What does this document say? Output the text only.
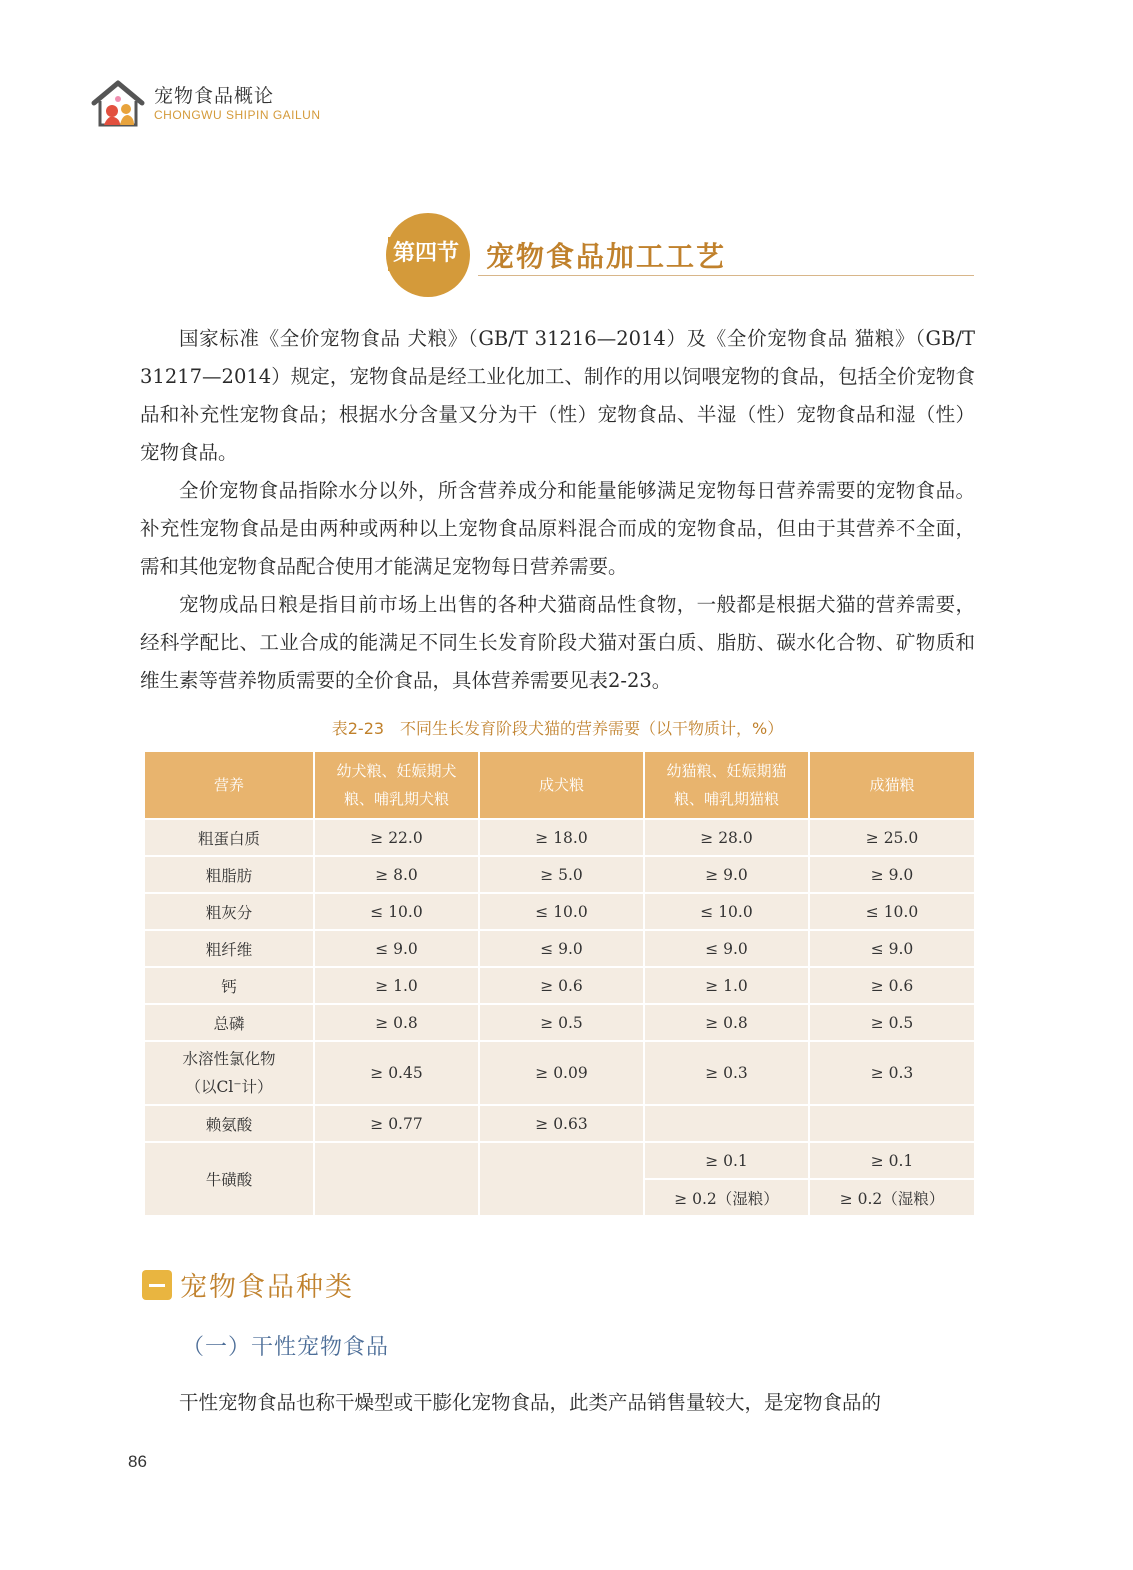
宠物食品概论
CHONGWU SHIPIN GAILUN
第四节 宠物食品加工工艺

国家标准《全价宠物食品 犬粮》（GB/T 31216—2014）及《全价宠物食品 猫粮》（GB/T 31217—2014）规定，宠物食品是经工业化加工、制作的用以饲喂宠物的食品，包括全价宠物食品和补充性宠物食品；根据水分含量又分为干（性）宠物食品、半湿（性）宠物食品和湿（性）宠物食品。

全价宠物食品指除水分以外，所含营养成分和能量能够满足宠物每日营养需要的宠物食品。补充性宠物食品是由两种或两种以上宠物食品原料混合而成的宠物食品，但由于其营养不全面，需和其他宠物食品配合使用才能满足宠物每日营养需要。

宠物成品日粮是指目前市场上出售的各种犬猫商品性食物，一般都是根据犬猫的营养需要，经科学配比、工业合成的能满足不同生长发育阶段犬猫对蛋白质、脂肪、碳水化合物、矿物质和维生素等营养物质需要的全价食品，具体营养需要见表2-23。

表2-23　不同生长发育阶段犬猫的营养需要（以干物质计，%）
营养	幼犬粮、妊娠期犬
粮、哺乳期犬粮	成犬粮	幼猫粮、妊娠期猫
粮、哺乳期猫粮	成猫粮
粗蛋白质	≥ 22.0	≥ 18.0	≥ 28.0	≥ 25.0
粗脂肪	≥ 8.0	≥ 5.0	≥ 9.0	≥ 9.0
粗灰分	≤ 10.0	≤ 10.0	≤ 10.0	≤ 10.0
粗纤维	≤ 9.0	≤ 9.0	≤ 9.0	≤ 9.0
钙	≥ 1.0	≥ 0.6	≥ 1.0	≥ 0.6
总磷	≥ 0.8	≥ 0.5	≥ 0.8	≥ 0.5
水溶性氯化物
（以Cl⁻计）	≥ 0.45	≥ 0.09	≥ 0.3	≥ 0.3
赖氨酸	≥ 0.77	≥ 0.63		
牛磺酸			≥ 0.1	≥ 0.1
			≥ 0.2（湿粮）	≥ 0.2（湿粮）
宠物食品种类
（一）干性宠物食品

干性宠物食品也称干燥型或干膨化宠物食品，此类产品销售量较大，是宠物食品的

86
